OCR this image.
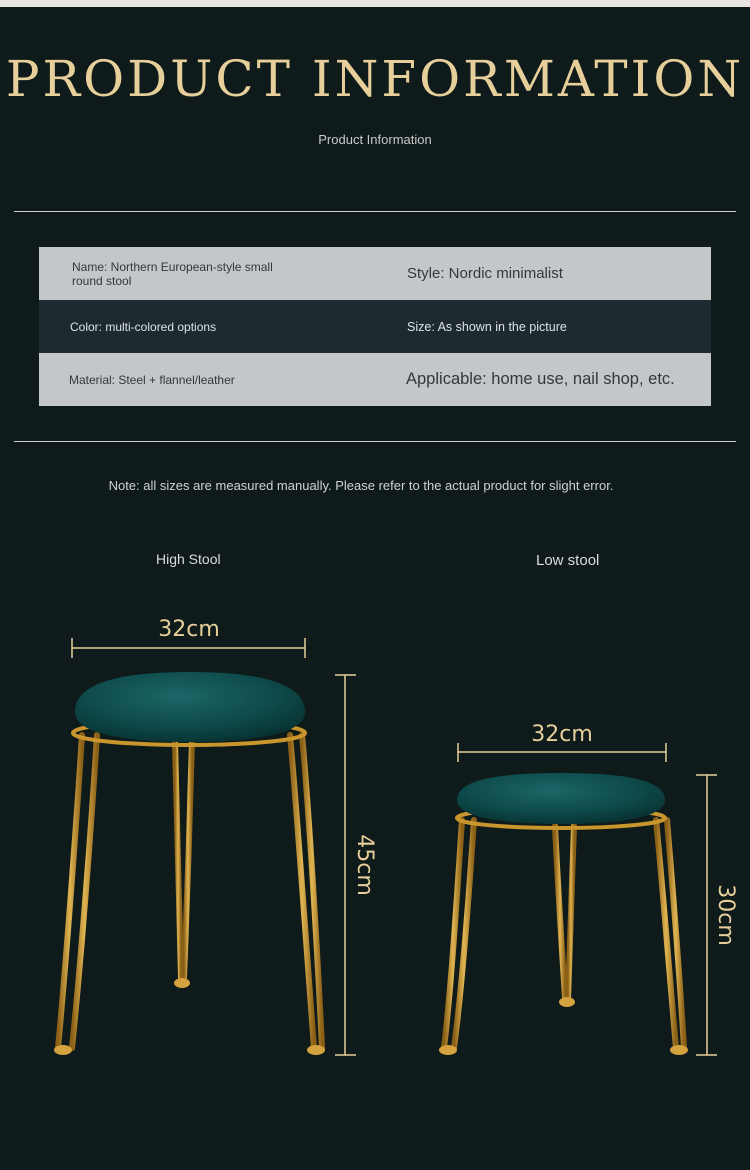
PRODUCT INFORMATION
Product Information
Name: Northern European-style small round stool	Style: Nordic minimalist
Color: multi-colored options	Size: As shown in the picture
Material: Steel + flannel/leather	Applicable: home use, nail shop, etc.
Note: all sizes are measured manually. Please refer to the actual product for slight error.
High Stool	Low stool
32cm
45cm
32cm
30cm
